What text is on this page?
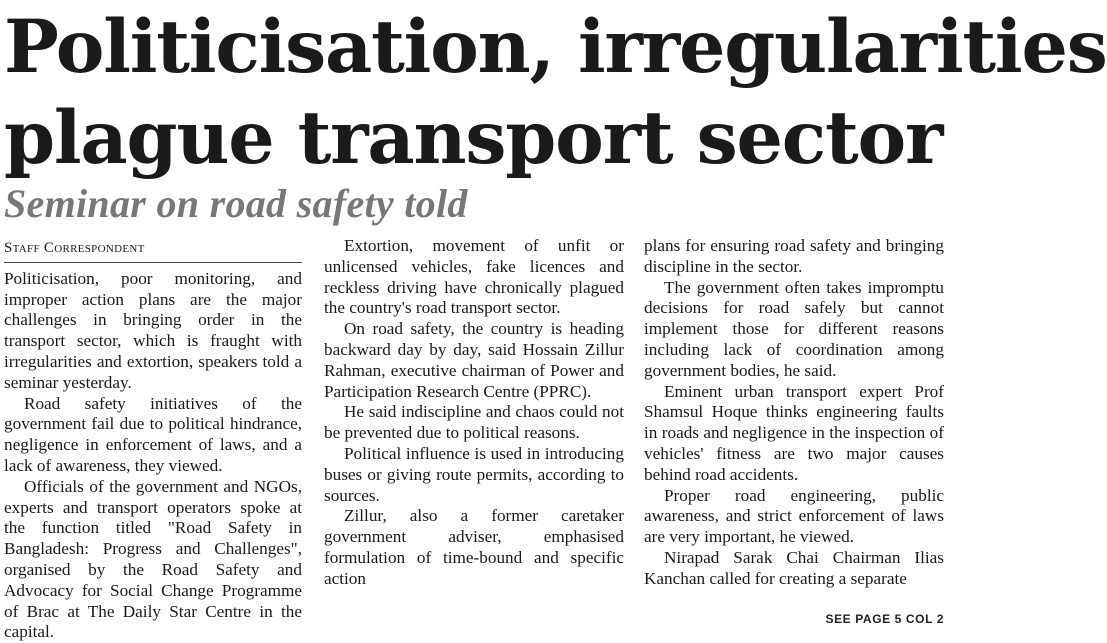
Politicisation, irregularities
plague transport sector
Seminar on road safety told
Staff Correspondent

Politicisation, poor monitoring, and improper action plans are the major challenges in bringing order in the transport sector, which is fraught with irregularities and extortion, speakers told a seminar yesterday.

Road safety initiatives of the government fail due to political hindrance, negligence in enforcement of laws, and a lack of awareness, they viewed.

Officials of the government and NGOs, experts and transport operators spoke at the function titled "Road Safety in Bangladesh: Progress and Challenges", organised by the Road Safety and Advocacy for Social Change Programme of Brac at The Daily Star Centre in the capital.

Extortion, movement of unfit or unlicensed vehicles, fake licences and reckless driving have chronically plagued the country's road transport sector.

On road safety, the country is heading backward day by day, said Hossain Zillur Rahman, executive chairman of Power and Participation Research Centre (PPRC).

He said indiscipline and chaos could not be prevented due to political reasons.

Political influence is used in introducing buses or giving route permits, according to sources.

Zillur, also a former caretaker government adviser, emphasised formulation of time-bound and specific action

plans for ensuring road safety and bringing discipline in the sector.

The government often takes impromptu decisions for road safely but cannot implement those for different reasons including lack of coordination among government bodies, he said.

Eminent urban transport expert Prof Shamsul Hoque thinks engineering faults in roads and negligence in the inspection of vehicles' fitness are two major causes behind road accidents.

Proper road engineering, public awareness, and strict enforcement of laws are very important, he viewed.

Nirapad Sarak Chai Chairman Ilias Kanchan called for creating a separate

SEE PAGE 5 COL 2
